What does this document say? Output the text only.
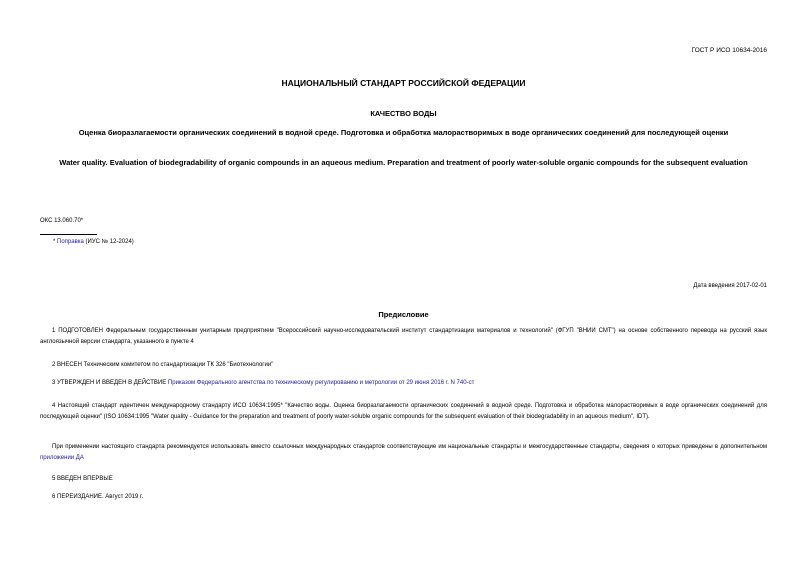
ГОСТ Р ИСО 10634-2016
НАЦИОНАЛЬНЫЙ СТАНДАРТ РОССИЙСКОЙ ФЕДЕРАЦИИ
КАЧЕСТВО ВОДЫ
Оценка биоразлагаемости органических соединений в водной среде. Подготовка и обработка малорастворимых в воде органических соединений для последующей оценки
Water quality. Evaluation of biodegradability of organic compounds in an aqueous medium. Preparation and treatment of poorly water-soluble organic compounds for the subsequent evaluation
ОКС 13.060.70*
* Поправка (ИУС № 12-2024)
Дата введения 2017-02-01
Предисловие
1 ПОДГОТОВЛЕН Федеральным государственным унитарным предприятием "Всероссийский научно-исследовательский институт стандартизации материалов и технологий" (ФГУП "ВНИИ СМТ") на основе собственного перевода на русский язык англоязычной версии стандарта, указанного в пункте 4
2 ВНЕСЕН Техническим комитетом по стандартизации ТК 326 "Биотехнологии"
3 УТВЕРЖДЕН И ВВЕДЕН В ДЕЙСТВИЕ Приказом Федерального агентства по техническому регулированию и метрологии от 29 июня 2016 г. N 740-ст
4 Настоящий стандарт идентичен международному стандарту ИСО 10634:1995* "Качество воды. Оценка биоразлагаемости органических соединений в водной среде. Подготовка и обработка малорастворимых в воде органических соединений для последующей оценки" (ISO 10634:1995 "Water quality - Guidance for the preparation and treatment of poorly water-soluble organic compounds for the subsequent evaluation of their biodegradability in an aqueous medium", IDT).
При применении настоящего стандарта рекомендуется использовать вместо ссылочных международных стандартов соответствующие им национальные стандарты и межгосударственные стандарты, сведения о которых приведены в дополнительном приложении ДА
5 ВВЕДЕН ВПЕРВЫЕ
6 ПЕРЕИЗДАНИЕ. Август 2019 г.
